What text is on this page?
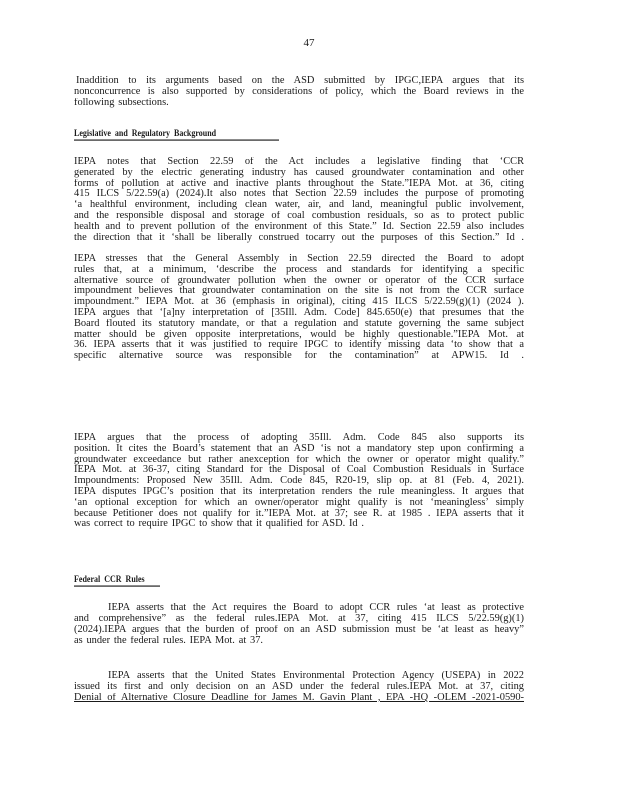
47
Inaddition to its arguments based on the ASD submitted by IPGC,IEPA argues that its
nonconcurrence is also supported by considerations of policy, which the Board reviews in the
following subsections.
Legislative and Regulatory Background
IEPA notes that Section 22.59 of the Act includes a legislative finding that ‘CCR
generated by the electric generating industry has caused groundwater contamination and other
forms of pollution at active and inactive plants throughout the State.”IEPA Mot. at 36, citing
415 ILCS 5/22.59(a) (2024).It also notes that Section 22.59 includes the purpose of promoting
‘a healthful environment, including clean water, air, and land, meaningful public involvement,
and the responsible disposal and storage of coal combustion residuals, so as to protect public
health and to prevent pollution of the environment of this State.” Id. Section 22.59 also includes
the direction that it ‘shall be liberally construed tocarry out the purposes of this Section.” Id .
IEPA stresses that the General Assembly in Section 22.59 directed the Board to adopt
rules that, at a minimum, ‘describe the process and standards for identifying a specific
alternative source of groundwater pollution when the owner or operator of the CCR surface
impoundment believes that groundwater contamination on the site is not from the CCR surface
impoundment.” IEPA Mot. at 36 (emphasis in original), citing 415 ILCS 5/22.59(g)(1) (2024 ).
IEPA argues that ‘[a]ny interpretation of [35Ill. Adm. Code] 845.650(e) that presumes that the
Board flouted its statutory mandate, or that a regulation and statute governing the same subject
matter should be given opposite interpretations, would be highly questionable.”IEPA Mot. at
36. IEPA asserts that it was justified to require IPGC to identify missing data ‘to show that a
specific alternative source was responsible for the contamination” at APW15. Id .
IEPA argues that the process of adopting 35Ill. Adm. Code 845 also supports its
position. It cites the Board’s statement that an ASD ‘is not a mandatory step upon confirming a
groundwater exceedance but rather anexception for which the owner or operator might qualify.”
IEPA Mot. at 36-37, citing Standard for the Disposal of Coal Combustion Residuals in Surface
Impoundments: Proposed New 35Ill. Adm. Code 845, R20-19, slip op. at 81 (Feb. 4, 2021).
IEPA disputes IPGC’s position that its interpretation renders the rule meaningless. It argues that
‘an optional exception for which an owner/operator might qualify is not ‘meaningless’ simply
because Petitioner does not qualify for it.”IEPA Mot. at 37; see R. at 1985 . IEPA asserts that it
was correct to require IPGC to show that it qualified for ASD. Id .
Federal CCR Rules
IEPA asserts that the Act requires the Board to adopt CCR rules ‘at least as protective
and comprehensive” as the federal rules.IEPA Mot. at 37, citing 415 ILCS 5/22.59(g)(1)
(2024).IEPA argues that the burden of proof on an ASD submission must be ‘at least as heavy”
as under the federal rules. IEPA Mot. at 37.
IEPA asserts that the United States Environmental Protection Agency (USEPA) in 2022
issued its first and only decision on an ASD under the federal rules.IEPA Mot. at 37, citing
Denial of Alternative Closure Deadline for James M. Gavin Plant , EPA -HQ -OLEM -2021-0590-
